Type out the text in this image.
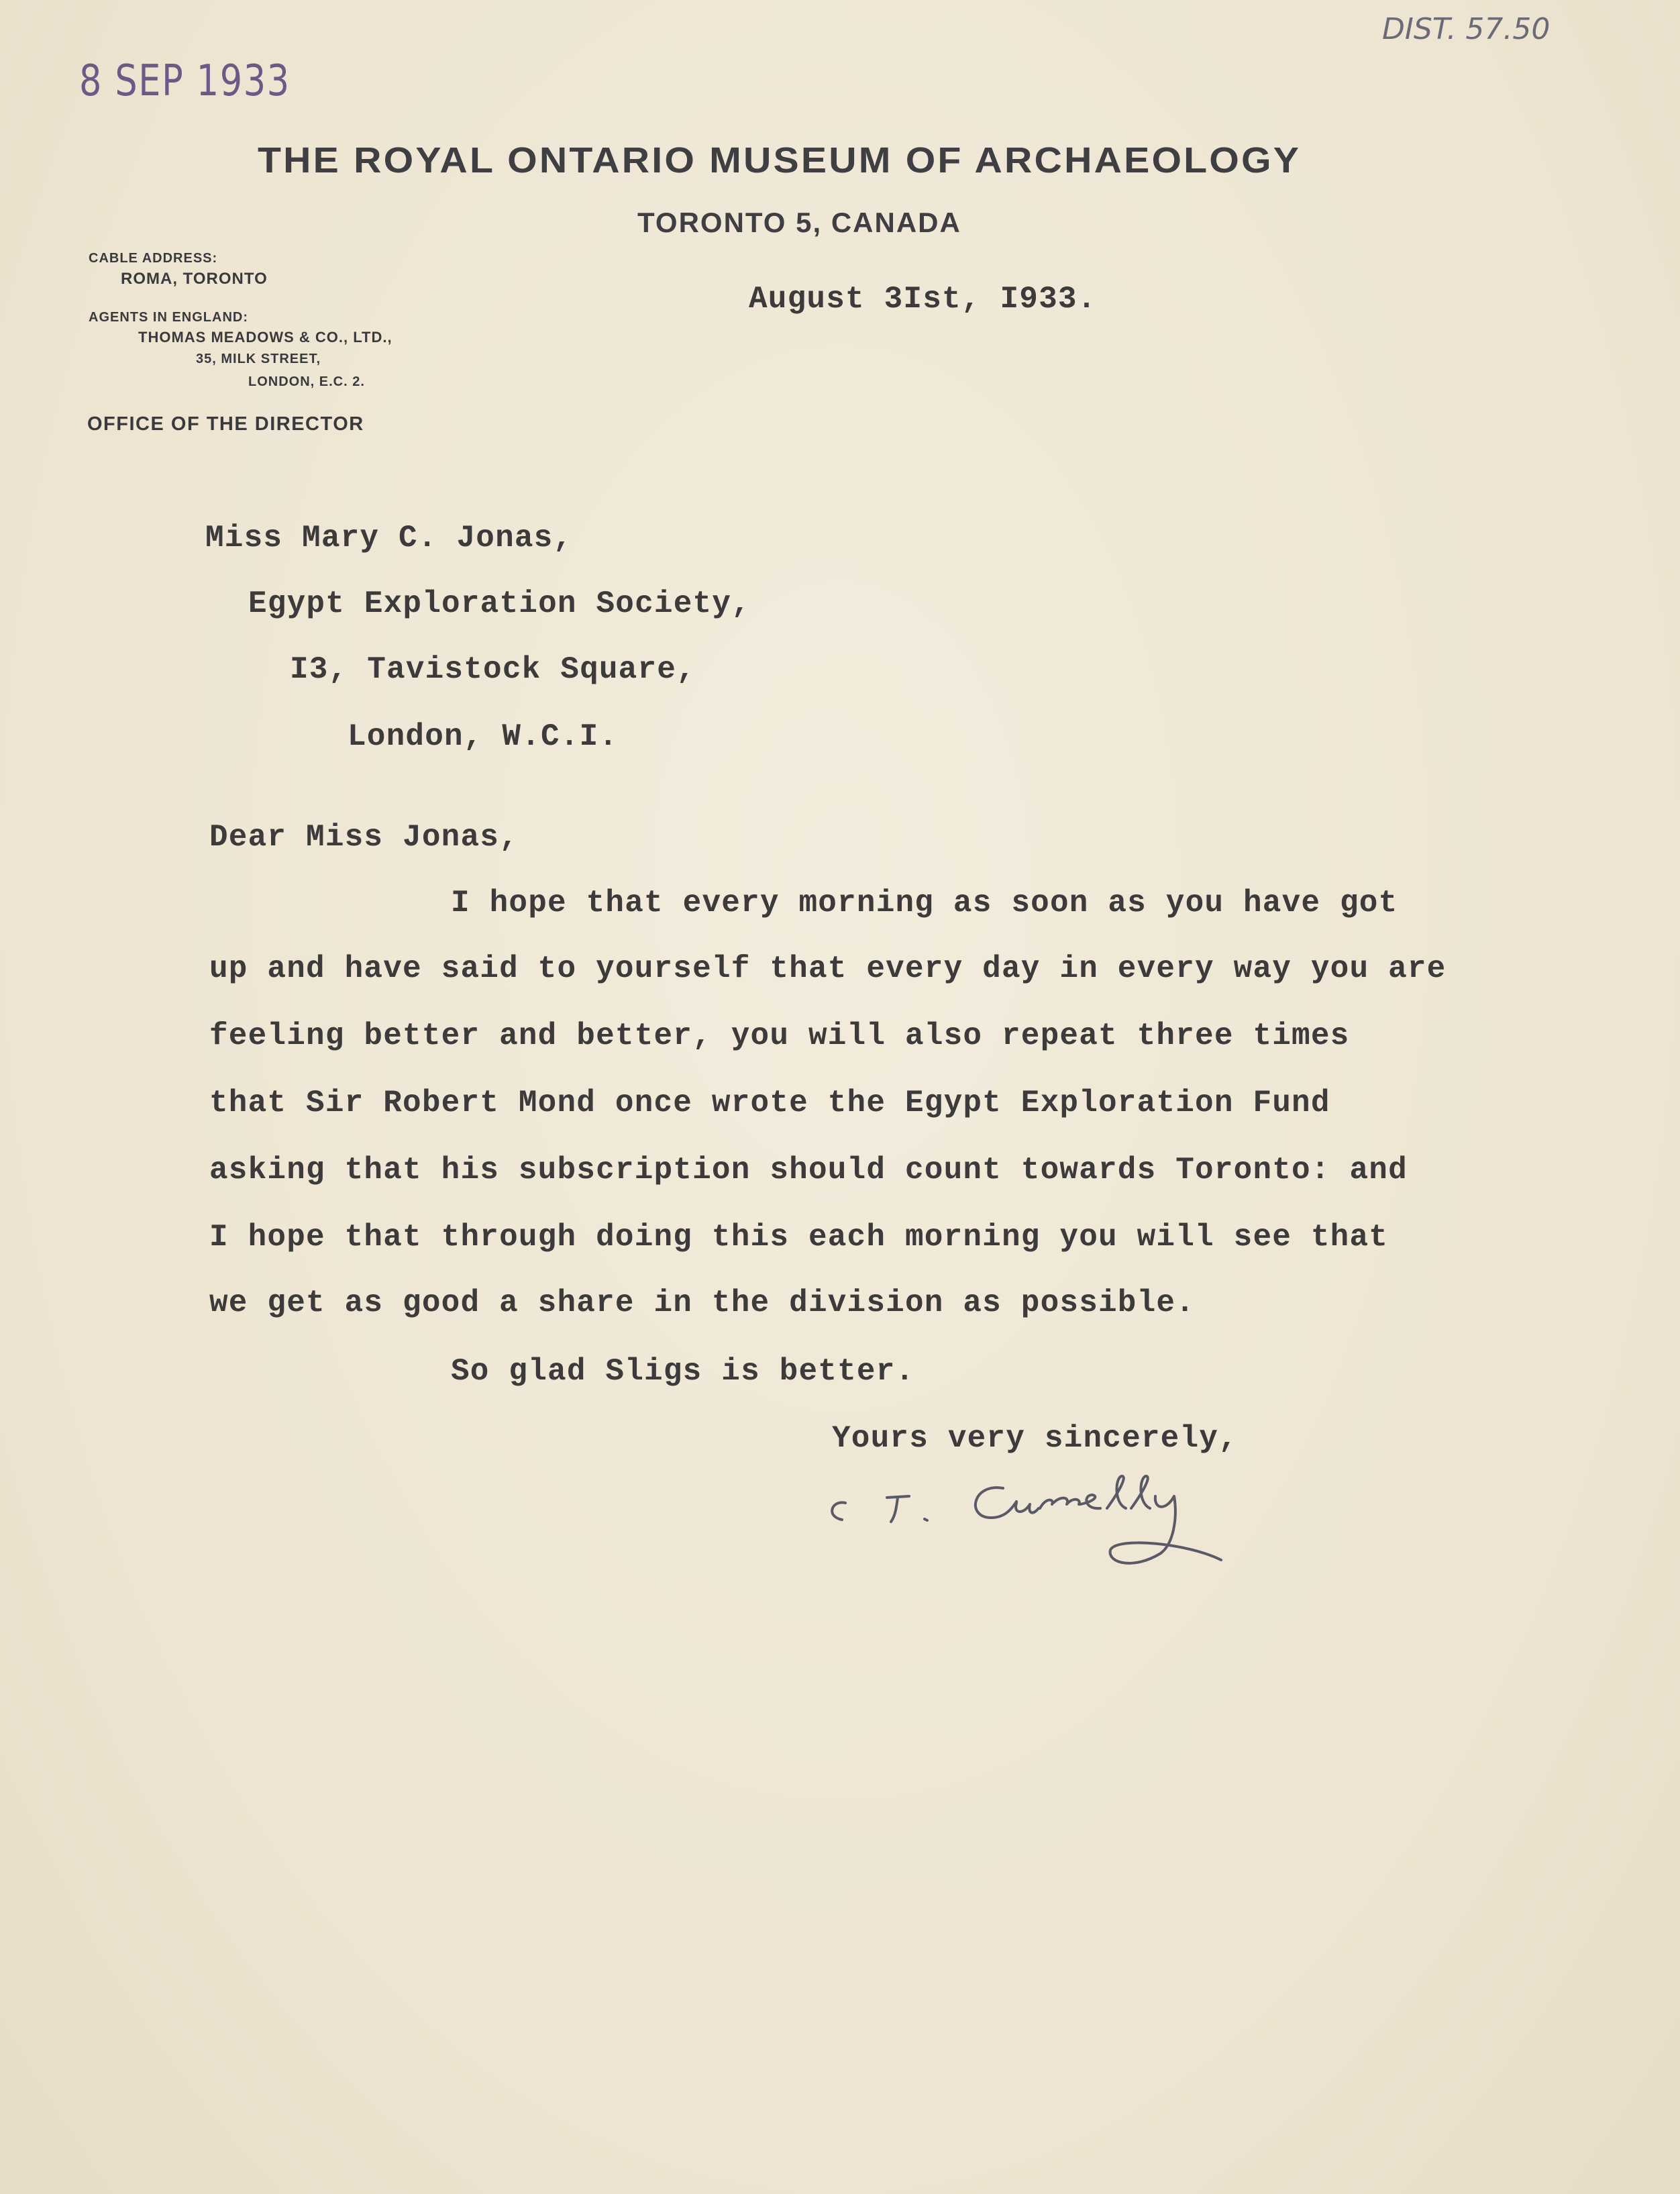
8 SEP 1933
DIST. 57.50
THE ROYAL ONTARIO MUSEUM OF ARCHAEOLOGY
TORONTO 5, CANADA
CABLE ADDRESS:
ROMA, TORONTO
AGENTS IN ENGLAND:
THOMAS MEADOWS & CO., LTD.,
35, MILK STREET,
LONDON, E.C. 2.
OFFICE OF THE DIRECTOR
August 3Ist, I933.
Miss Mary C. Jonas,
Egypt Exploration Society,
I3, Tavistock Square,
London, W.C.I.
Dear Miss Jonas,
I hope that every morning as soon as you have got
up and have said to yourself that every day in every way you are
feeling better and better, you will also repeat three times
that Sir Robert Mond once wrote the Egypt Exploration Fund
asking that his subscription should count towards Toronto: and
I hope that through doing this each morning you will see that
we get as good a share in the division as possible.
So glad Sligs is better.
Yours very sincerely,
